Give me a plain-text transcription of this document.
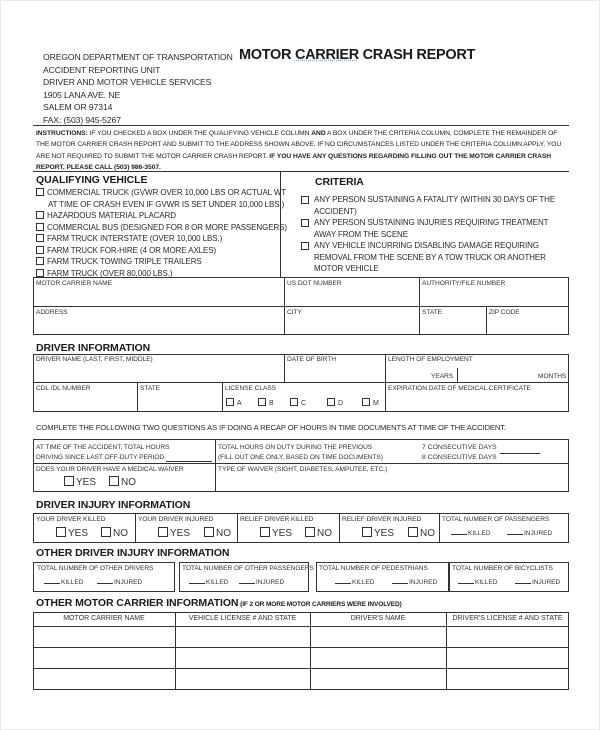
OREGON DEPARTMENT OF TRANSPORTATION
ACCIDENT REPORTING UNIT
DRIVER AND MOTOR VEHICLE SERVICES
1905 LANA AVE. NE
SALEM OR 97314
FAX: (503) 945-5267
MOTOR CARRIER CRASH REPORT
INSTRUCTIONS: IF YOU CHECKED A BOX UNDER THE QUALIFYING VEHICLE COLUMN AND A BOX UNDER THE CRITERIA COLUMN, COMPLETE THE REMAINDER OF THE MOTOR CARRIER CRASH REPORT AND SUBMIT TO THE ADDRESS SHOWN ABOVE. IF NO CIRCUMSTANCES LISTED UNDER THE CRITERIA COLUMN APPLY, YOU ARE NOT REQUIRED TO SUBMIT THE MOTOR CARRIER CRASH REPORT. IF YOU HAVE ANY QUESTIONS REGARDING FILLING OUT THE MOTOR CARRIER CRASH REPORT, PLEASE CALL (503) 986-3507.
QUALIFYING VEHICLE
COMMERCIAL TRUCK (GVWR OVER 10,000 LBS OR ACTUAL WT
AT TIME OF CRASH EVEN IF GVWR IS SET UNDER 10,000 LBS )
HAZARDOUS MATERIAL PLACARD
COMMERCIAL BUS (DESIGNED FOR 8 OR MORE PASSENGERS)
FARM TRUCK INTERSTATE (OVER 10,000 LBS.)
FARM TRUCK FOR-HIRE (4 OR MORE AXLES)
FARM TRUCK TOWING TRIPLE TRAILERS
FARM TRUCK (OVER 80,000 LBS.)
CRITERIA
ANY PERSON SUSTAINING A FATALITY (WITHIN 30 DAYS OF THE ACCIDENT)
ANY PERSON SUSTAINING INJURIES REQUIRING TREATMENT AWAY FROM THE SCENE
ANY VEHICLE INCURRING DISABLING DAMAGE REQUIRING REMOVAL FROM THE SCENE BY A TOW TRUCK OR ANOTHER MOTOR VEHICLE
MOTOR CARRIER NAME	US DOT NUMBER	AUTHORITY/FILE NUMBER
ADDRESS	CITY	STATE	ZIP CODE
DRIVER INFORMATION
DRIVER NAME (LAST, FIRST, MIDDLE)	DATE OF BIRTH	LENGTH OF EMPLOYMENT
YEARS	MONTHS
CDL /DL NUMBER	STATE	LICENSE CLASS	EXPIRATION DATE OF MEDICAL CERTIFICATE
A	B	C	D	M
COMPLETE THE FOLLOWING TWO QUESTIONS AS IF DOING A RECAP OF HOURS IN TIME DOCUMENTS AT TIME OF THE ACCIDENT.
AT TIME OF THE ACCIDENT, TOTAL HOURS
DRIVING SINCE LAST OFF-DUTY PERIOD.
TOTAL HOURS ON DUTY DURING THE PREVIOUS
(FILL OUT ONE ONLY, BASED ON TIME DOCUMENTS)
7 CONSECUTIVE DAYS
8 CONSECUTIVE DAYS
DOES YOUR DRIVER HAVE A MEDICAL WAIVER
YES	NO
TYPE OF WAIVER (SIGHT, DIABETES, AMPUTEE, ETC.)
DRIVER INJURY INFORMATION
YOUR DRIVER KILLED
YES	NO
YOUR DRIVER INJURED
YES	NO
RELIEF DRIVER KILLED
YES	NO
RELIEF DRIVER INJURED
YES	NO
TOTAL NUMBER OF PASSENGERS
KILLED	INJURED
OTHER DRIVER INJURY INFORMATION
TOTAL NUMBER OF OTHER DRIVERS
KILLED	INJURED
TOTAL NUMBER OF OTHER PASSENGERS
KILLED	INJURED
TOTAL NUMBER OF PEDESTRIANS
KILLED	INJURED
TOTAL NUMBER OF BICYCLISTS
KILLED	INJURED
OTHER MOTOR CARRIER INFORMATION (IF 2 OR MORE MOTOR CARRIERS WERE INVOLVED)
MOTOR CARRIER NAME	VEHICLE LICENSE # AND STATE	DRIVER'S NAME	DRIVER'S LICENSE # AND STATE
